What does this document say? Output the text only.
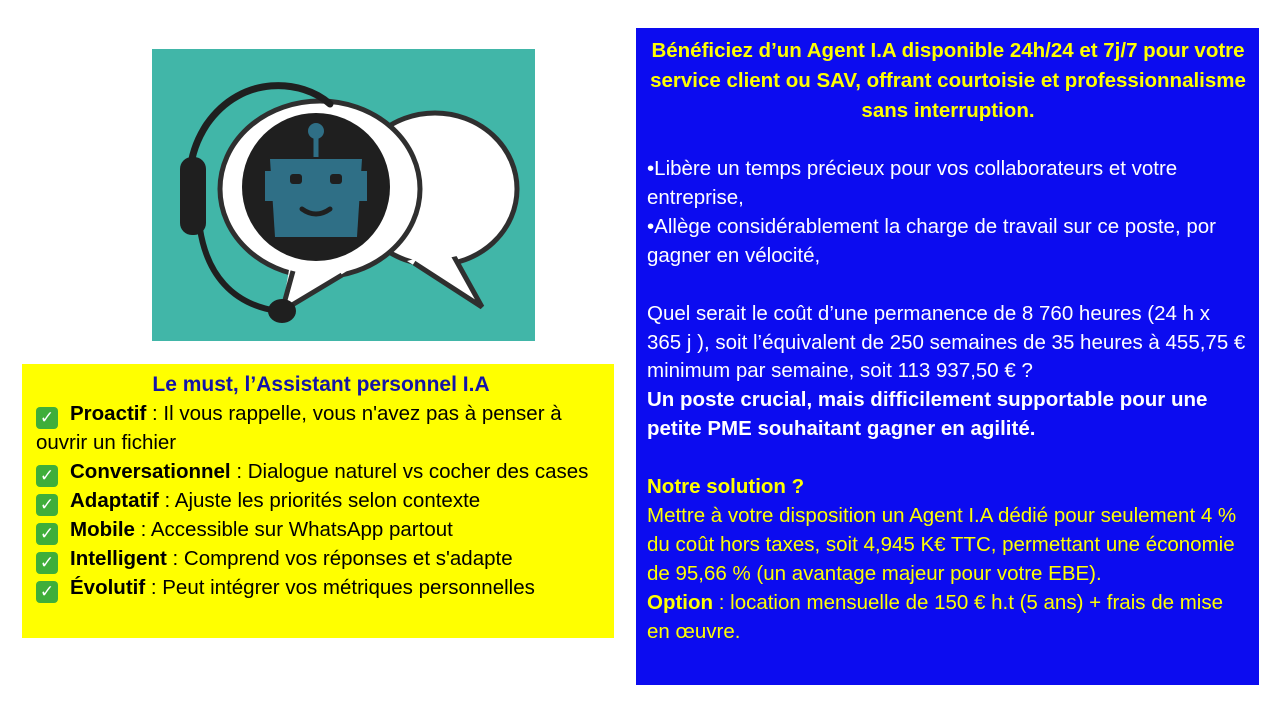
Le must, l’Assistant personnel I.A
✓ Proactif : Il vous rappelle, vous n'avez pas à penser à ouvrir un fichier
✓ Conversationnel : Dialogue naturel vs cocher des cases
✓ Adaptatif : Ajuste les priorités selon contexte
✓ Mobile : Accessible sur WhatsApp partout
✓ Intelligent : Comprend vos réponses et s'adapte
✓ Évolutif : Peut intégrer vos métriques personnelles
Bénéficiez d’un Agent I.A disponible 24h/24 et 7j/7 pour votre service client ou SAV, offrant courtoisie et professionnalisme sans interruption.
•Libère un temps précieux pour vos collaborateurs et votre entreprise,
•Allège considérablement la charge de travail sur ce poste, por gagner en vélocité,
Quel serait le coût d’une permanence de 8 760 heures (24 h x 365 j ), soit l’équivalent de 250 semaines de 35 heures à 455,75 € minimum par semaine, soit 113 937,50 € ?
Un poste crucial, mais difficilement supportable pour une petite PME souhaitant gagner en agilité.
Notre solution ?
Mettre à votre disposition un Agent I.A dédié pour seulement 4 % du coût hors taxes, soit 4,945 K€ TTC, permettant une économie de 95,66 % (un avantage majeur pour votre EBE).
Option : location mensuelle de 150 € h.t (5 ans) + frais de mise en œuvre.
